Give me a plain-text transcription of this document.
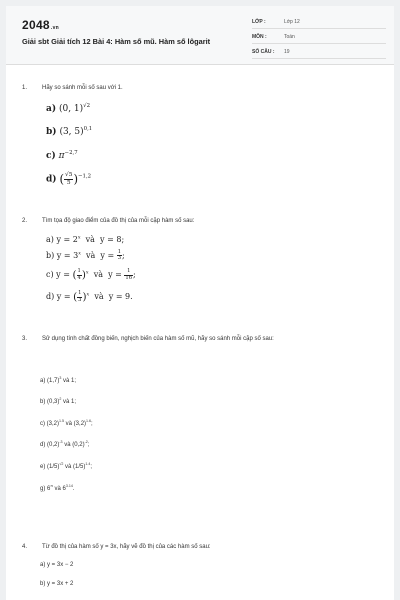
2048.vn
Giải sbt Giải tích 12 Bài 4: Hàm số mũ. Hàm số lôgarit
LỚP :	Lớp 12
MÔN :	Toán
SỐ CÂU : 19
1. Hãy so sánh mỗi số sau với 1.
a) (0, 1)$^{√2}$
b) (3, 5)$^{0,1}$
c) $\pi^{-2,7}$
d) ( $\frac{√5}{5} )^{-1,2}$
2. Tìm tọa độ giao điểm của đồ thị của mỗi cặp hàm số sau:
a) $y = 2^x$ và y = 8;
b) $y = 3^x$ và $y = \frac{1}{3}$ ;
c) y = ( $\frac{1}{4} )^x$ và $y = \frac{1}{16}$ ;
d) y = ( $\frac{1}{3} )^x$ và y = 9.
3. Sử dụng tính chất đồng biến, nghịch biến của hàm số mũ, hãy so sánh mỗi cặp số sau:
a) $(1,7)^3$ và 1;
b) $(0,3)^2$ và 1;
c) $(3,2)^{1.5}$ và $(3,2)^{1.6}$;
d) $(0,2)^{-3}$ và $(0,2)^{-2}$;
e) $(1/5)^{√2}$ và $(1/5)^{1.4}$;
g) $6^\pi$ và $6^{3.14}$.
4. Từ đồ thị của hàm số y = 3x, hãy vẽ đồ thị của các hàm số sau:
a) y = 3x − 2
b) y = 3x + 2
